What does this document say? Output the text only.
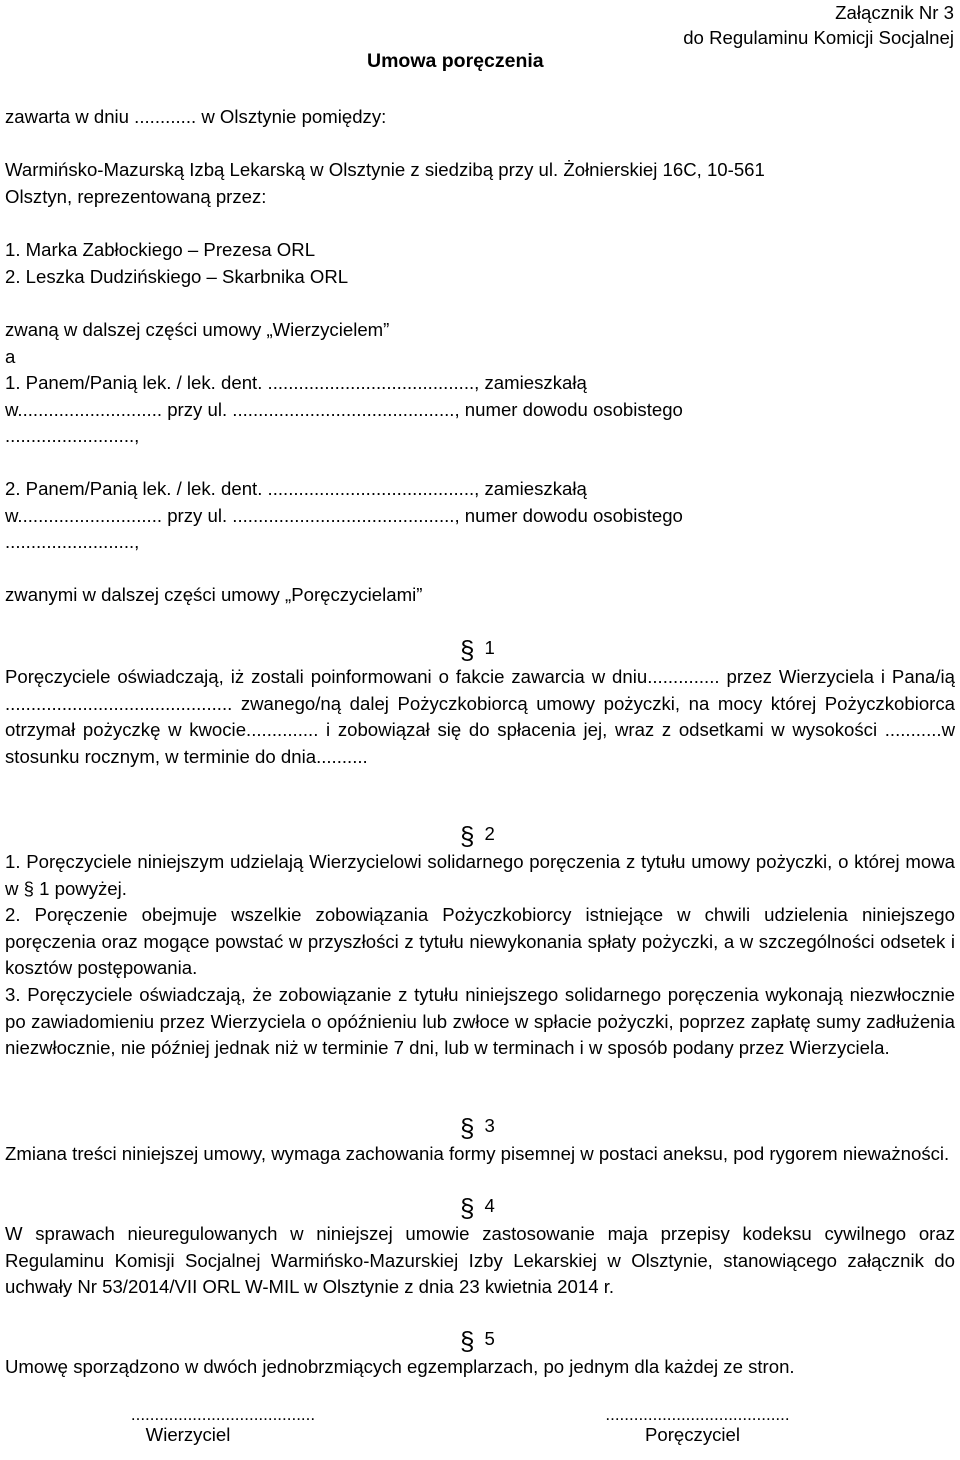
Załącznik Nr 3
do Regulaminu Komicji Socjalnej
Umowa poręczenia
zawarta w dniu ............ w Olsztynie pomiędzy:
Warmińsko-Mazurską Izbą Lekarską w Olsztynie z siedzibą przy ul. Żołnierskiej 16C, 10-561
Olsztyn, reprezentowaną przez:
1. Marka Zabłockiego – Prezesa ORL
2. Leszka Dudzińskiego – Skarbnika ORL
zwaną w dalszej części umowy „Wierzycielem”
a
1. Panem/Panią lek. / lek. dent. ........................................, zamieszkałą
w............................ przy ul. ..........................................., numer dowodu osobistego
.........................,
2. Panem/Panią lek. / lek. dent. ........................................, zamieszkałą
w............................ przy ul. ..........................................., numer dowodu osobistego
.........................,
zwanymi w dalszej części umowy „Poręczycielami”
§ 1
Poręczyciele oświadczają, iż zostali poinformowani o fakcie zawarcia w dniu.............. przez Wierzyciela i Pana/ią ............................................ zwanego/ną dalej Pożyczkobiorcą umowy pożyczki, na mocy której Pożyczkobiorca otrzymał pożyczkę w kwocie.............. i zobowiązał się do spłacenia jej, wraz z odsetkami w wysokości ...........w stosunku rocznym, w terminie do dnia..........
§ 2
1. Poręczyciele niniejszym udzielają Wierzycielowi solidarnego poręczenia z tytułu umowy pożyczki, o której mowa w § 1 powyżej.
2. Poręczenie obejmuje wszelkie zobowiązania Pożyczkobiorcy istniejące w chwili udzielenia niniejszego poręczenia oraz mogące powstać w przyszłości z tytułu niewykonania spłaty pożyczki, a w szczególności odsetek i kosztów postępowania.
3. Poręczyciele oświadczają, że zobowiązanie z tytułu niniejszego solidarnego poręczenia wykonają niezwłocznie po zawiadomieniu przez Wierzyciela o opóźnieniu lub zwłoce w spłacie pożyczki, poprzez zapłatę sumy zadłużenia niezwłocznie, nie później jednak niż w terminie 7 dni, lub w terminach i w sposób podany przez Wierzyciela.
§ 3
Zmiana treści niniejszej umowy, wymaga zachowania formy pisemnej w postaci aneksu, pod rygorem nieważności.
§ 4
W sprawach nieuregulowanych w niniejszej umowie zastosowanie maja przepisy kodeksu cywilnego oraz Regulaminu Komisji Socjalnej Warmińsko-Mazurskiej Izby Lekarskiej w Olsztynie, stanowiącego załącznik do uchwały Nr 53/2014/VII ORL W-MIL w Olsztynie z dnia 23 kwietnia 2014 r.
§ 5
Umowę sporządzono w dwóch jednobrzmiących egzemplarzach, po jednym dla każdej ze stron.
.......................................
Wierzyciel
.......................................
Poręczyciel
